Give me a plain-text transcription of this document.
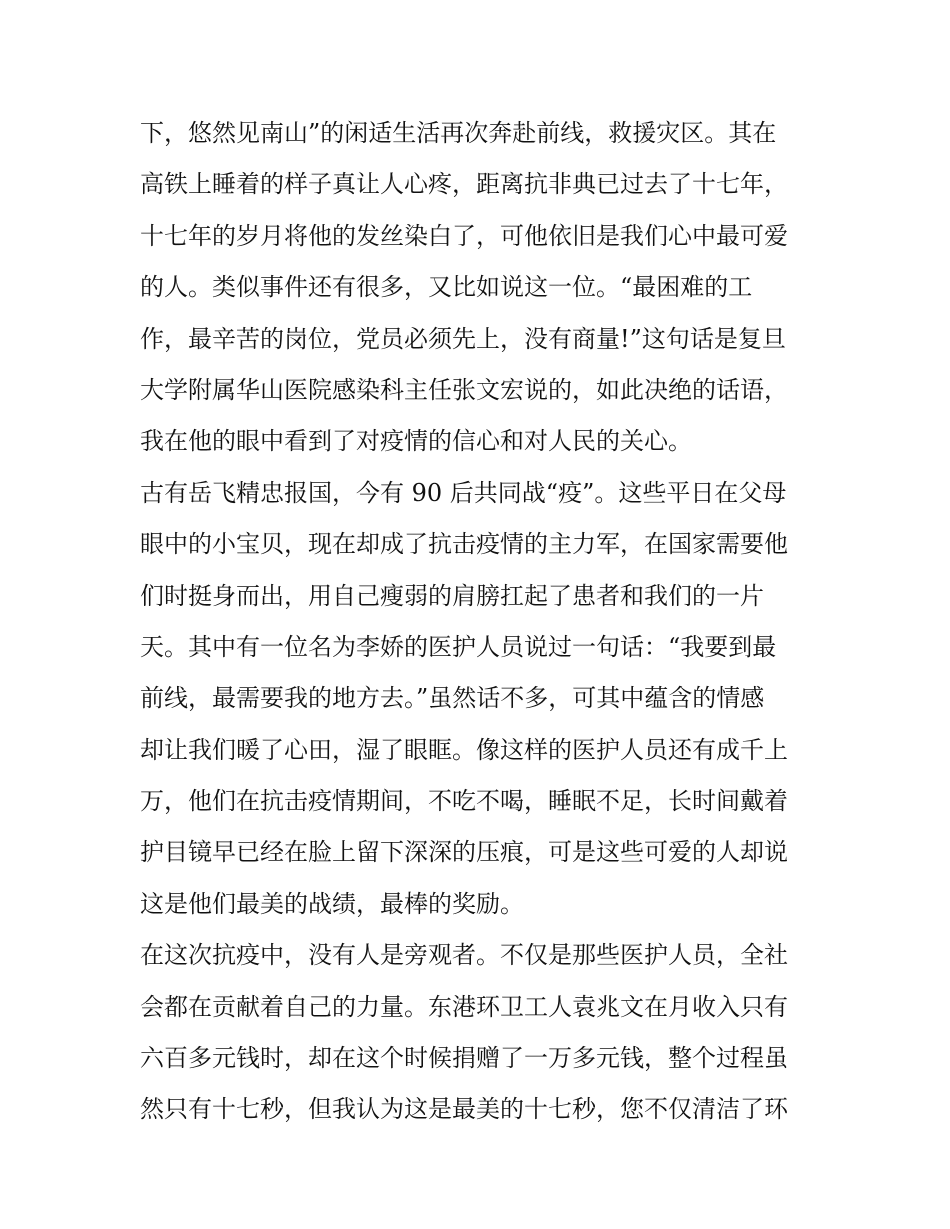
下，悠然见南山”的闲适生活再次奔赴前线，救援灾区。其在
高铁上睡着的样子真让人心疼，距离抗非典已过去了十七年，
十七年的岁月将他的发丝染白了，可他依旧是我们心中最可爱
的人。类似事件还有很多，又比如说这一位。“最困难的工
作，最辛苦的岗位，党员必须先上，没有商量!”这句话是复旦
大学附属华山医院感染科主任张文宏说的，如此决绝的话语，
我在他的眼中看到了对疫情的信心和对人民的关心。
古有岳飞精忠报国，今有 90 后共同战“疫”。这些平日在父母
眼中的小宝贝，现在却成了抗击疫情的主力军，在国家需要他
们时挺身而出，用自己瘦弱的肩膀扛起了患者和我们的一片
天。其中有一位名为李娇的医护人员说过一句话：“我要到最
前线，最需要我的地方去。”虽然话不多，可其中蕴含的情感
却让我们暖了心田，湿了眼眶。像这样的医护人员还有成千上
万，他们在抗击疫情期间，不吃不喝，睡眠不足，长时间戴着
护目镜早已经在脸上留下深深的压痕，可是这些可爱的人却说
这是他们最美的战绩，最棒的奖励。
在这次抗疫中，没有人是旁观者。不仅是那些医护人员，全社
会都在贡献着自己的力量。东港环卫工人袁兆文在月收入只有
六百多元钱时，却在这个时候捐赠了一万多元钱，整个过程虽
然只有十七秒，但我认为这是最美的十七秒，您不仅清洁了环
